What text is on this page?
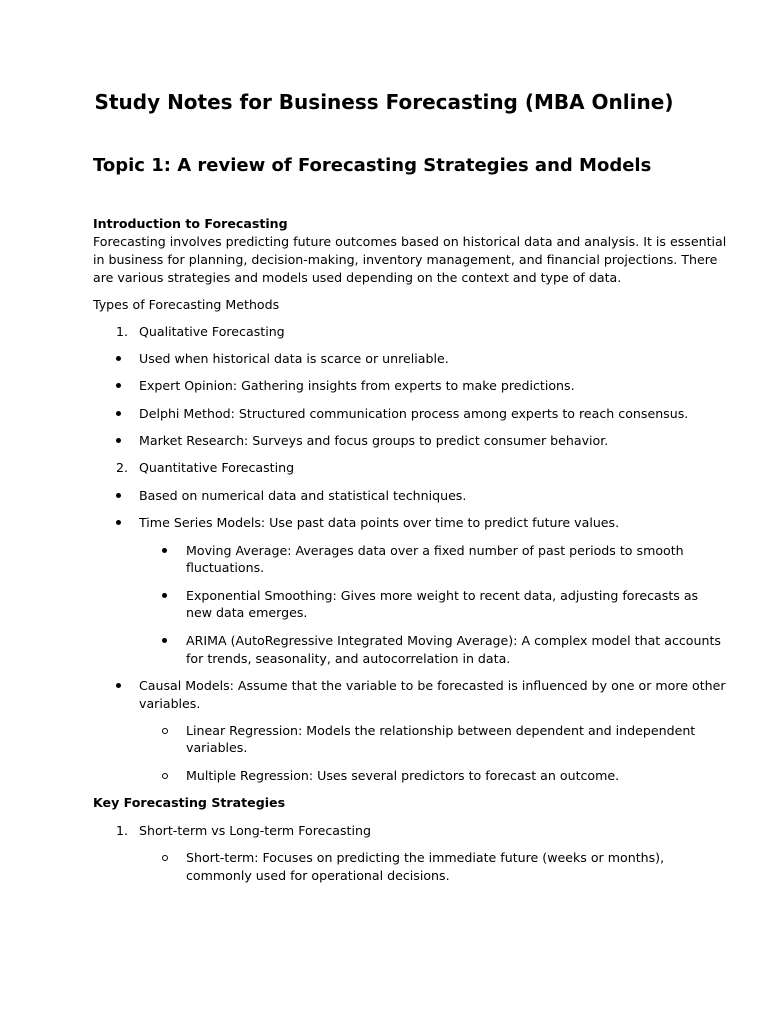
Study Notes for Business Forecasting (MBA Online)
Topic 1: A review of Forecasting Strategies and Models
Introduction to Forecasting
Forecasting involves predicting future outcomes based on historical data and analysis. It is essential
in business for planning, decision-making, inventory management, and financial projections. There
are various strategies and models used depending on the context and type of data.
Types of Forecasting Methods
1. Qualitative Forecasting
Used when historical data is scarce or unreliable.
Expert Opinion: Gathering insights from experts to make predictions.
Delphi Method: Structured communication process among experts to reach consensus.
Market Research: Surveys and focus groups to predict consumer behavior.
2. Quantitative Forecasting
Based on numerical data and statistical techniques.
Time Series Models: Use past data points over time to predict future values.
Moving Average: Averages data over a fixed number of past periods to smooth
fluctuations.
Exponential Smoothing: Gives more weight to recent data, adjusting forecasts as
new data emerges.
ARIMA (AutoRegressive Integrated Moving Average): A complex model that accounts
for trends, seasonality, and autocorrelation in data.
Causal Models: Assume that the variable to be forecasted is influenced by one or more other
variables.
Linear Regression: Models the relationship between dependent and independent
variables.
Multiple Regression: Uses several predictors to forecast an outcome.
Key Forecasting Strategies
1. Short-term vs Long-term Forecasting
Short-term: Focuses on predicting the immediate future (weeks or months),
commonly used for operational decisions.
